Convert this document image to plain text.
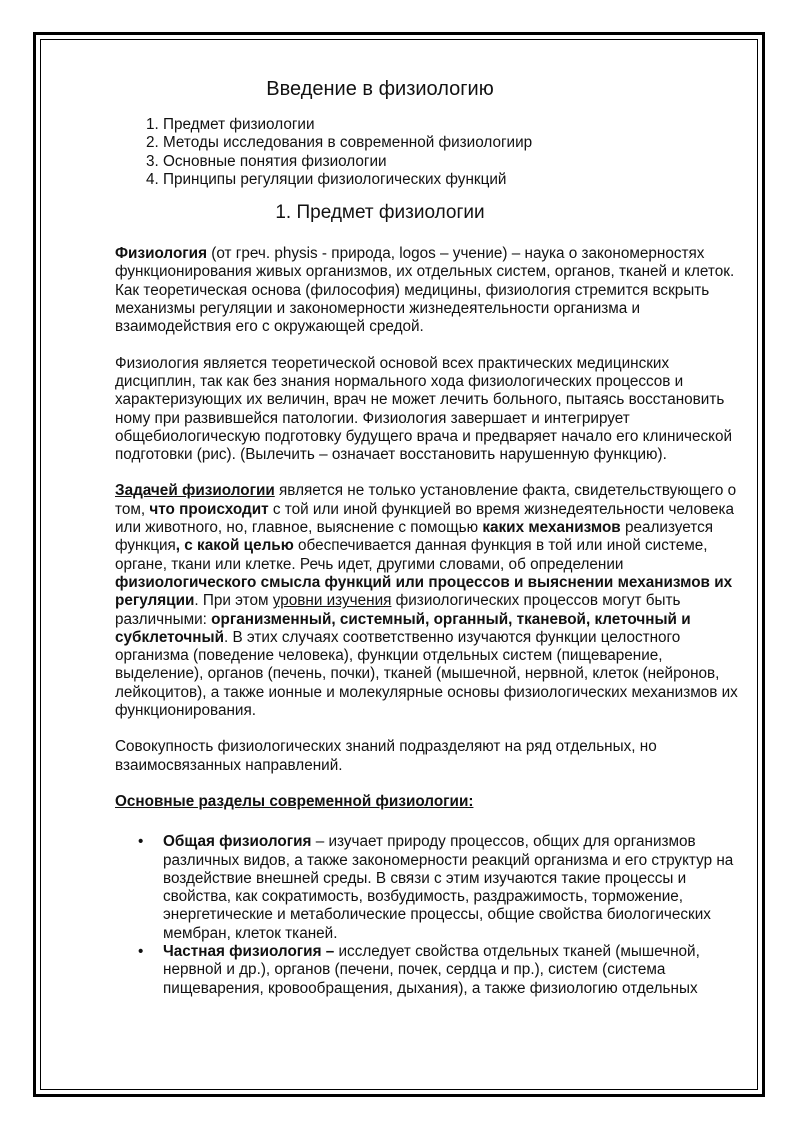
Введение в физиологию
1. Предмет физиологии
2. Методы исследования в современной физиологиир
3. Основные понятия физиологии
4. Принципы регуляции физиологических функций
1. Предмет физиологии

Физиология (от греч. physis - природа, logos – учение) – наука о закономерностях функционирования живых организмов, их отдельных систем, органов, тканей и клеток. Как теоретическая основа (философия) медицины, физиология стремится вскрыть механизмы регуляции и закономерности жизнедеятельности организма и взаимодействия его с окружающей средой.

Физиология является теоретической основой всех практических медицинских дисциплин, так как без знания нормального хода физиологических процессов и характеризующих их величин, врач не может лечить больного, пытаясь восстановить ному при развившейся патологии. Физиология завершает и интегрирует общебиологическую подготовку будущего врача и предваряет начало его клинической подготовки (рис). (Вылечить – означает восстановить нарушенную функцию).

Задачей физиологии является не только установление факта, свидетельствующего о том, что происходит с той или иной функцией во время жизнедеятельности человека или животного, но, главное, выяснение с помощью каких механизмов реализуется функция, с какой целью обеспечивается данная функция в той или иной системе, органе, ткани или клетке. Речь идет, другими словами, об определении физиологического смысла функций или процессов и выяснении механизмов их регуляции. При этом уровни изучения физиологических процессов могут быть различными: организменный, системный, органный, тканевой, клеточный и субклеточный. В этих случаях соответственно изучаются функции целостного организма (поведение человека), функции отдельных систем (пищеварение, выделение), органов (печень, почки), тканей (мышечной, нервной, клеток (нейронов, лейкоцитов), а также ионные и молекулярные основы физиологических механизмов их функционирования.

Совокупность физиологических знаний подразделяют на ряд отдельных, но взаимосвязанных направлений.

Основные разделы современной физиологии:
• Общая физиология – изучает природу процессов, общих для организмов различных видов, а также закономерности реакций организма и его структур на воздействие внешней среды. В связи с этим изучаются такие процессы и свойства, как сократимость, возбудимость, раздражимость, торможение, энергетические и метаболические процессы, общие свойства биологических мембран, клеток тканей.
• Частная физиология – исследует свойства отдельных тканей (мышечной, нервной и др.), органов (печени, почек, сердца и пр.), систем (система пищеварения, кровообращения, дыхания), а также физиологию отдельных
